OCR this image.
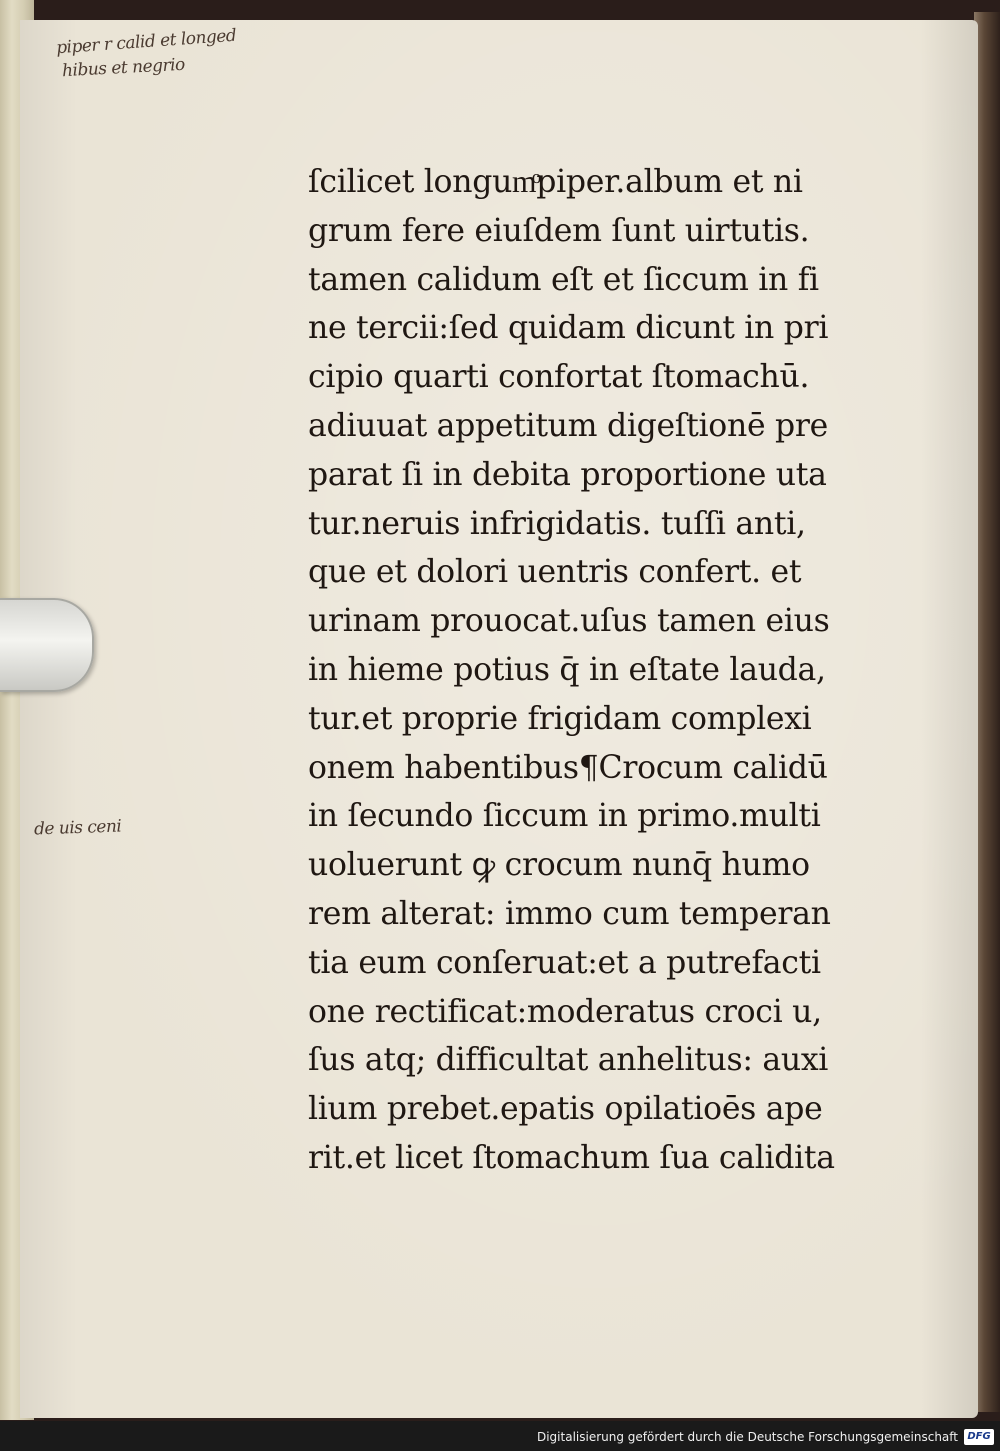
piper r calid et longed
hibus et negrio
de uis ceni
ſcilicet longumͦpiper.album et ni
grum fere eiuſdem ſunt uirtutis.
tamen calidum eſt et ſiccum in fi
ne tercii:ſed quidam dicunt in pri
cipio quarti confortat ſtomachū.
adiuuat appetitum digeſtionē pre
parat ſi in debita proportione uta
tur.neruis infrigidatis. tuſſi anti,
que et dolori uentris confert. et
urinam prouocat.uſus tamen eius
in hieme potius q̄ in eſtate lauda,
tur.et proprie frigidam complexi
onem habentibus¶Crocum calidū
in ſecundo ſiccum in primo.multi
uoluerunt ꝙ crocum nunq̄ humo
rem alterat: immo cum temperan
tia eum conſeruat:et a putrefacti
one rectificat:moderatus croci u,
ſus atq; difficultat anhelitus: auxi
lium prebet.epatis opilatioēs ape
rit.et licet ſtomachum ſua calidita
Digitalisierung gefördert durch die Deutsche Forschungsgemeinschaft DFG
